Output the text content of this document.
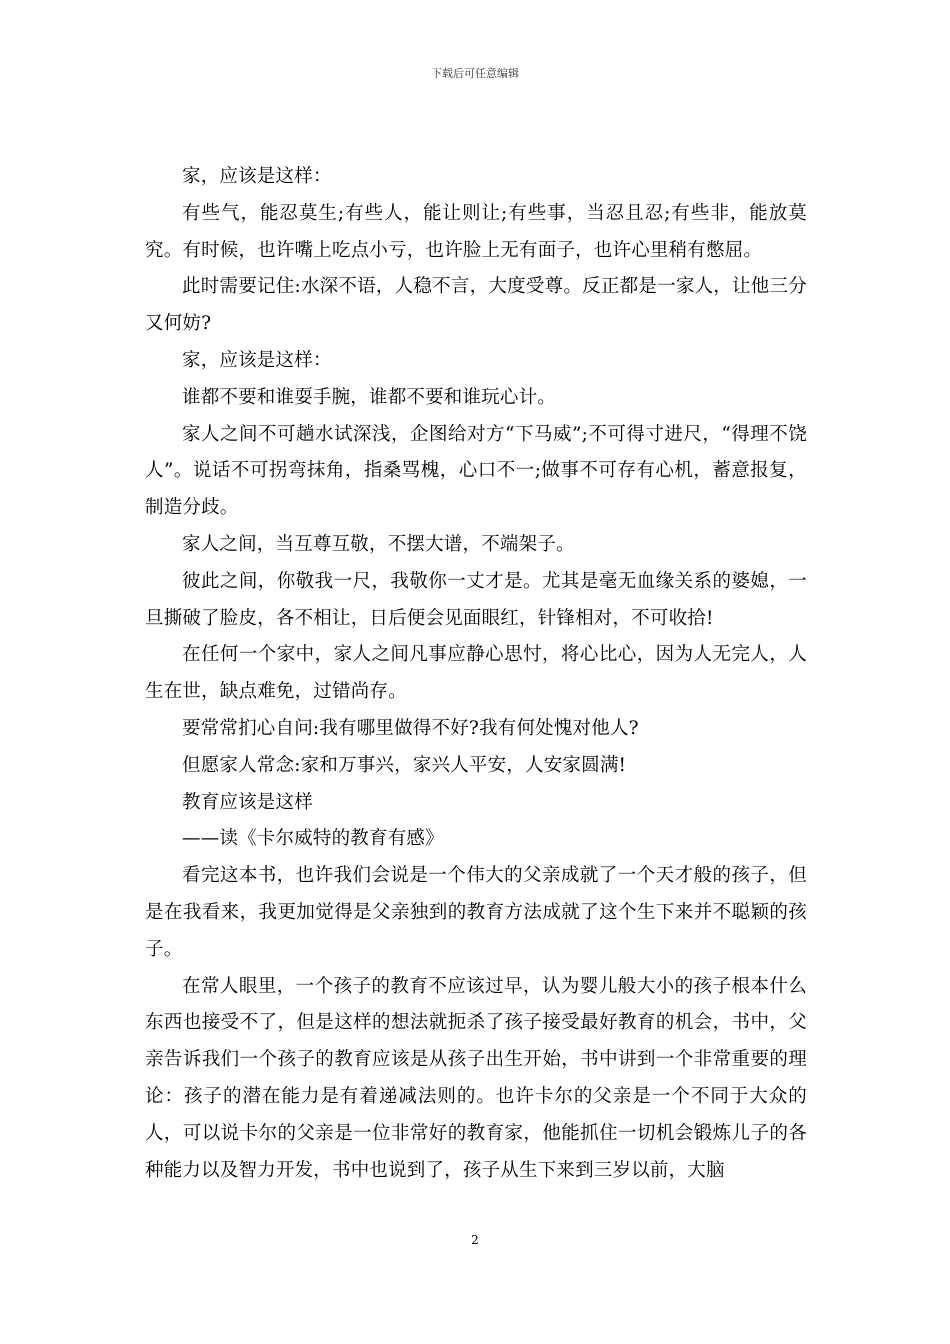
下载后可任意编辑

家，应该是这样：

有些气，能忍莫生;有些人，能让则让;有些事，当忍且忍;有些非，能放莫究。有时候，也许嘴上吃点小亏，也许脸上无有面子，也许心里稍有憋屈。

此时需要记住:水深不语，人稳不言，大度受尊。反正都是一家人，让他三分又何妨?

家，应该是这样：

谁都不要和谁耍手腕，谁都不要和谁玩心计。

家人之间不可趟水试深浅，企图给对方“下马威”;不可得寸进尺，“得理不饶人”。说话不可拐弯抹角，指桑骂槐，心口不一;做事不可存有心机，蓄意报复，制造分歧。

家人之间，当互尊互敬，不摆大谱，不端架子。

彼此之间，你敬我一尺，我敬你一丈才是。尤其是毫无血缘关系的婆媳，一旦撕破了脸皮，各不相让，日后便会见面眼红，针锋相对，不可收拾!

在任何一个家中，家人之间凡事应静心思忖，将心比心，因为人无完人，人生在世，缺点难免，过错尚存。

要常常扪心自问:我有哪里做得不好?我有何处愧对他人?

但愿家人常念:家和万事兴，家兴人平安，人安家圆满!

教育应该是这样

——读《卡尔威特的教育有感》

看完这本书，也许我们会说是一个伟大的父亲成就了一个天才般的孩子，但是在我看来，我更加觉得是父亲独到的教育方法成就了这个生下来并不聪颖的孩子。

在常人眼里，一个孩子的教育不应该过早，认为婴儿般大小的孩子根本什么东西也接受不了，但是这样的想法就扼杀了孩子接受最好教育的机会，书中，父亲告诉我们一个孩子的教育应该是从孩子出生开始，书中讲到一个非常重要的理论：孩子的潜在能力是有着递减法则的。也许卡尔的父亲是一个不同于大众的人，可以说卡尔的父亲是一位非常好的教育家，他能抓住一切机会锻炼儿子的各种能力以及智力开发，书中也说到了，孩子从生下来到三岁以前，大脑

2
